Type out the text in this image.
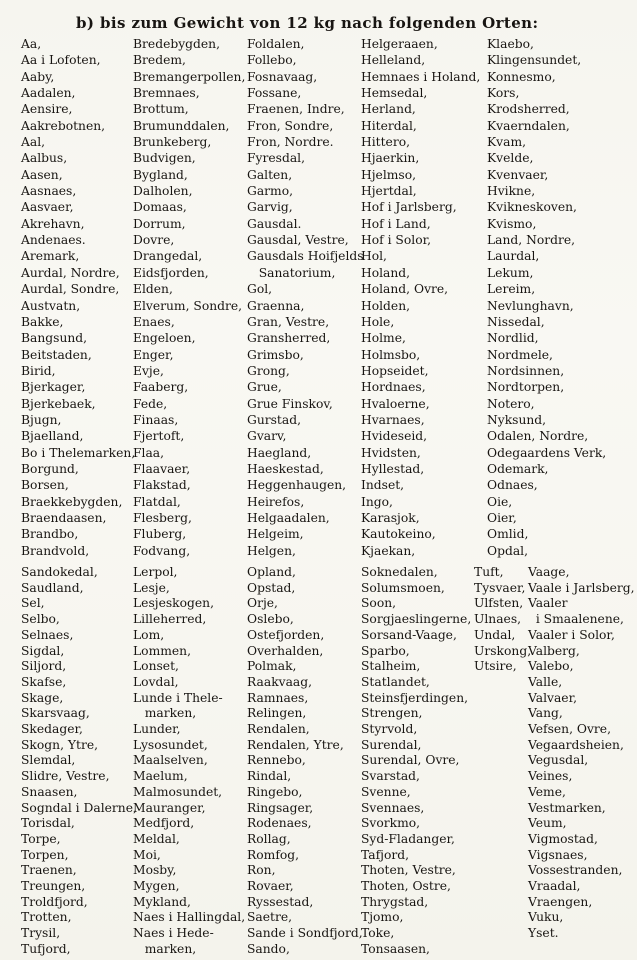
b) bis zum Gewicht von 12 kg nach folgenden Orten:
Aa,
Aa i Lofoten,
Aaby,
Aadalen,
Aensire,
Aakrebotnen,
Aal,
Aalbus,
Aasen,
Aasnaes,
Aasvaer,
Akrehavn,
Andenaes.
Aremark,
Aurdal, Nordre,
Aurdal, Sondre,
Austvatn,
Bakke,
Bangsund,
Beitstaden,
Birid,
Bjerkager,
Bjerkebaek,
Bjugn,
Bjaelland,
Bo i Thelemarken,
Borgund,
Borsen,
Braekkebygden,
Braendaasen,
Brandbo,
Brandvold,
Bredebygden,
Bredem,
Bremangerpollen,
Bremnaes,
Brottum,
Brumunddalen,
Brunkeberg,
Budvigen,
Bygland,
Dalholen,
Domaas,
Dorrum,
Dovre,
Drangedal,
Eidsfjorden,
Elden,
Elverum, Sondre,
Enaes,
Engeloen,
Enger,
Evje,
Faaberg,
Fede,
Finaas,
Fjertoft,
Flaa,
Flaavaer,
Flakstad,
Flatdal,
Flesberg,
Fluberg,
Fodvang,
Foldalen,
Follebo,
Fosnavaag,
Fossane,
Fraenen, Indre,
Fron, Sondre,
Fron, Nordre.
Fyresdal,
Galten,
Garmo,
Garvig,
Gausdal.
Gausdal, Vestre,
Gausdals Hoifjelds
Sanatorium,
Gol,
Graenna,
Gran, Vestre,
Gransherred,
Grimsbo,
Grong,
Grue,
Grue Finskov,
Gurstad,
Gvarv,
Haegland,
Haeskestad,
Heggenhaugen,
Heirefos,
Helgaadalen,
Helgeim,
Helgen,
Helgeraaen,
Helleland,
Hemnaes i Holand,
Hemsedal,
Herland,
Hiterdal,
Hittero,
Hjaerkin,
Hjelmso,
Hjertdal,
Hof i Jarlsberg,
Hof i Land,
Hof i Solor,
Hol,
Holand,
Holand, Ovre,
Holden,
Hole,
Holme,
Holmsbo,
Hopseidet,
Hordnaes,
Hvaloerne,
Hvarnaes,
Hvideseid,
Hvidsten,
Hyllestad,
Indset,
Ingo,
Karasjok,
Kautokeino,
Kjaekan,
Klaebo,
Klingensundet,
Konnesmo,
Kors,
Krodsherred,
Kvaerndalen,
Kvam,
Kvelde,
Kvenvaer,
Hvikne,
Kvikneskoven,
Kvismo,
Land, Nordre,
Laurdal,
Lekum,
Lereim,
Nevlunghavn,
Nissedal,
Nordlid,
Nordmele,
Nordsinnen,
Nordtorpen,
Notero,
Nyksund,
Odalen, Nordre,
Odegaardens Verk,
Odemark,
Odnaes,
Oie,
Oier,
Omlid,
Opdal,
Sandokedal,
Saudland,
Sel,
Selbo,
Selnaes,
Sigdal,
Siljord,
Skafse,
Skage,
Skarsvaag,
Skedager,
Skogn, Ytre,
Slemdal,
Slidre, Vestre,
Snaasen,
Sogndal i Dalerne,
Torisdal,
Torpe,
Torpen,
Traenen,
Treungen,
Troldfjord,
Trotten,
Trysil,
Tufjord,
Lerpol,
Lesje,
Lesjeskogen,
Lilleherred,
Lom,
Lommen,
Lonset,
Lovdal,
Lunde i Thele-
marken,
Lunder,
Lysosundet,
Maalselven,
Maelum,
Malmosundet,
Mauranger,
Medfjord,
Meldal,
Moi,
Mosby,
Mygen,
Mykland,
Naes i Hallingdal,
Naes i Hede-
marken,
Opland,
Opstad,
Orje,
Oslebo,
Ostefjorden,
Overhalden,
Polmak,
Raakvaag,
Ramnaes,
Relingen,
Rendalen,
Rendalen, Ytre,
Rennebo,
Rindal,
Ringebo,
Ringsager,
Rodenaes,
Rollag,
Romfog,
Ron,
Rovaer,
Ryssestad,
Saetre,
Sande i Sondfjord,
Sando,
Soknedalen,
Solumsmoen,
Soon,
Sorgjaeslingerne,
Sorsand-Vaage,
Sparbo,
Stalheim,
Statlandet,
Steinsfjerdingen,
Strengen,
Styrvold,
Surendal,
Surendal, Ovre,
Svarstad,
Svenne,
Svennaes,
Svorkmo,
Syd-Fladanger,
Tafjord,
Thoten, Vestre,
Thoten, Ostre,
Thrygstad,
Tjomo,
Toke,
Tonsaasen,
Tuft,
Tysvaer,
Ulfsten,
Ulnaes,
Undal,
Urskong,
Utsire,
Vaage,
Vaale i Jarlsberg,
Vaaler
i Smaalenene,
Vaaler i Solor,
Valberg,
Valebo,
Valle,
Valvaer,
Vang,
Vefsen, Ovre,
Vegaardsheien,
Vegusdal,
Veines,
Veme,
Vestmarken,
Veum,
Vigmostad,
Vigsnaes,
Vossestranden,
Vraadal,
Vraengen,
Vuku,
Yset.
